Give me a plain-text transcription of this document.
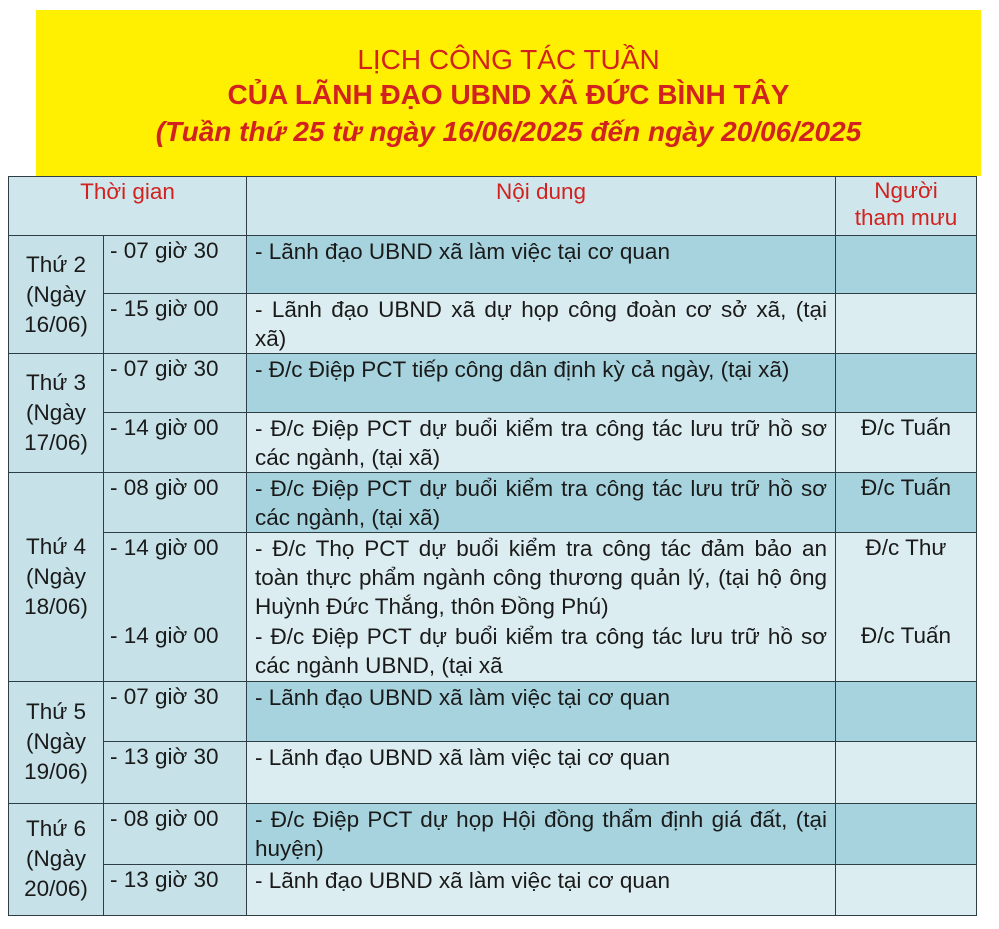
LỊCH CÔNG TÁC TUẦN
CỦA LÃNH ĐẠO UBND XÃ ĐỨC BÌNH TÂY
(Tuần thứ 25 từ ngày 16/06/2025 đến ngày 20/06/2025
Thời gian		Nội dung	Người
tham mưu
Thứ 2
(Ngày
16/06)	- 07 giờ 30	- Lãnh đạo UBND xã làm việc tại cơ quan	

	- 15 giờ 00	- Lãnh đạo UBND xã dự họp công đoàn cơ sở xã, (tại xã)	

Thứ 3
(Ngày
17/06)	- 07 giờ 30	- Đ/c Điệp PCT tiếp công dân định kỳ cả ngày, (tại xã)	

	- 14 giờ 00	- Đ/c Điệp PCT dự buổi kiểm tra công tác lưu trữ hồ sơ các ngành, (tại xã)	Đ/c Tuấn
Thứ 4
(Ngày
18/06)	- 08 giờ 00	- Đ/c Điệp PCT dự buổi kiểm tra công tác lưu trữ hồ sơ các ngành, (tại xã)	Đ/c Tuấn
	- 14 giờ 00	- Đ/c Thọ PCT dự buổi kiểm tra công tác đảm bảo an toàn thực phẩm ngành công thương quản lý, (tại hộ ông Huỳnh Đức Thắng, thôn Đồng Phú)	Đ/c Thư
	- 14 giờ 00	- Đ/c Điệp PCT dự buổi kiểm tra công tác lưu trữ hồ sơ các ngành UBND, (tại xã	Đ/c Tuấn
Thứ 5
(Ngày
19/06)	- 07 giờ 30	- Lãnh đạo UBND xã làm việc tại cơ quan	

	- 13 giờ 30	- Lãnh đạo UBND xã làm việc tại cơ quan	

Thứ 6
(Ngày
20/06)	- 08 giờ 00	- Đ/c Điệp PCT dự họp Hội đồng thẩm định giá đất, (tại huyện)	

	- 13 giờ 30	- Lãnh đạo UBND xã làm việc tại cơ quan	
